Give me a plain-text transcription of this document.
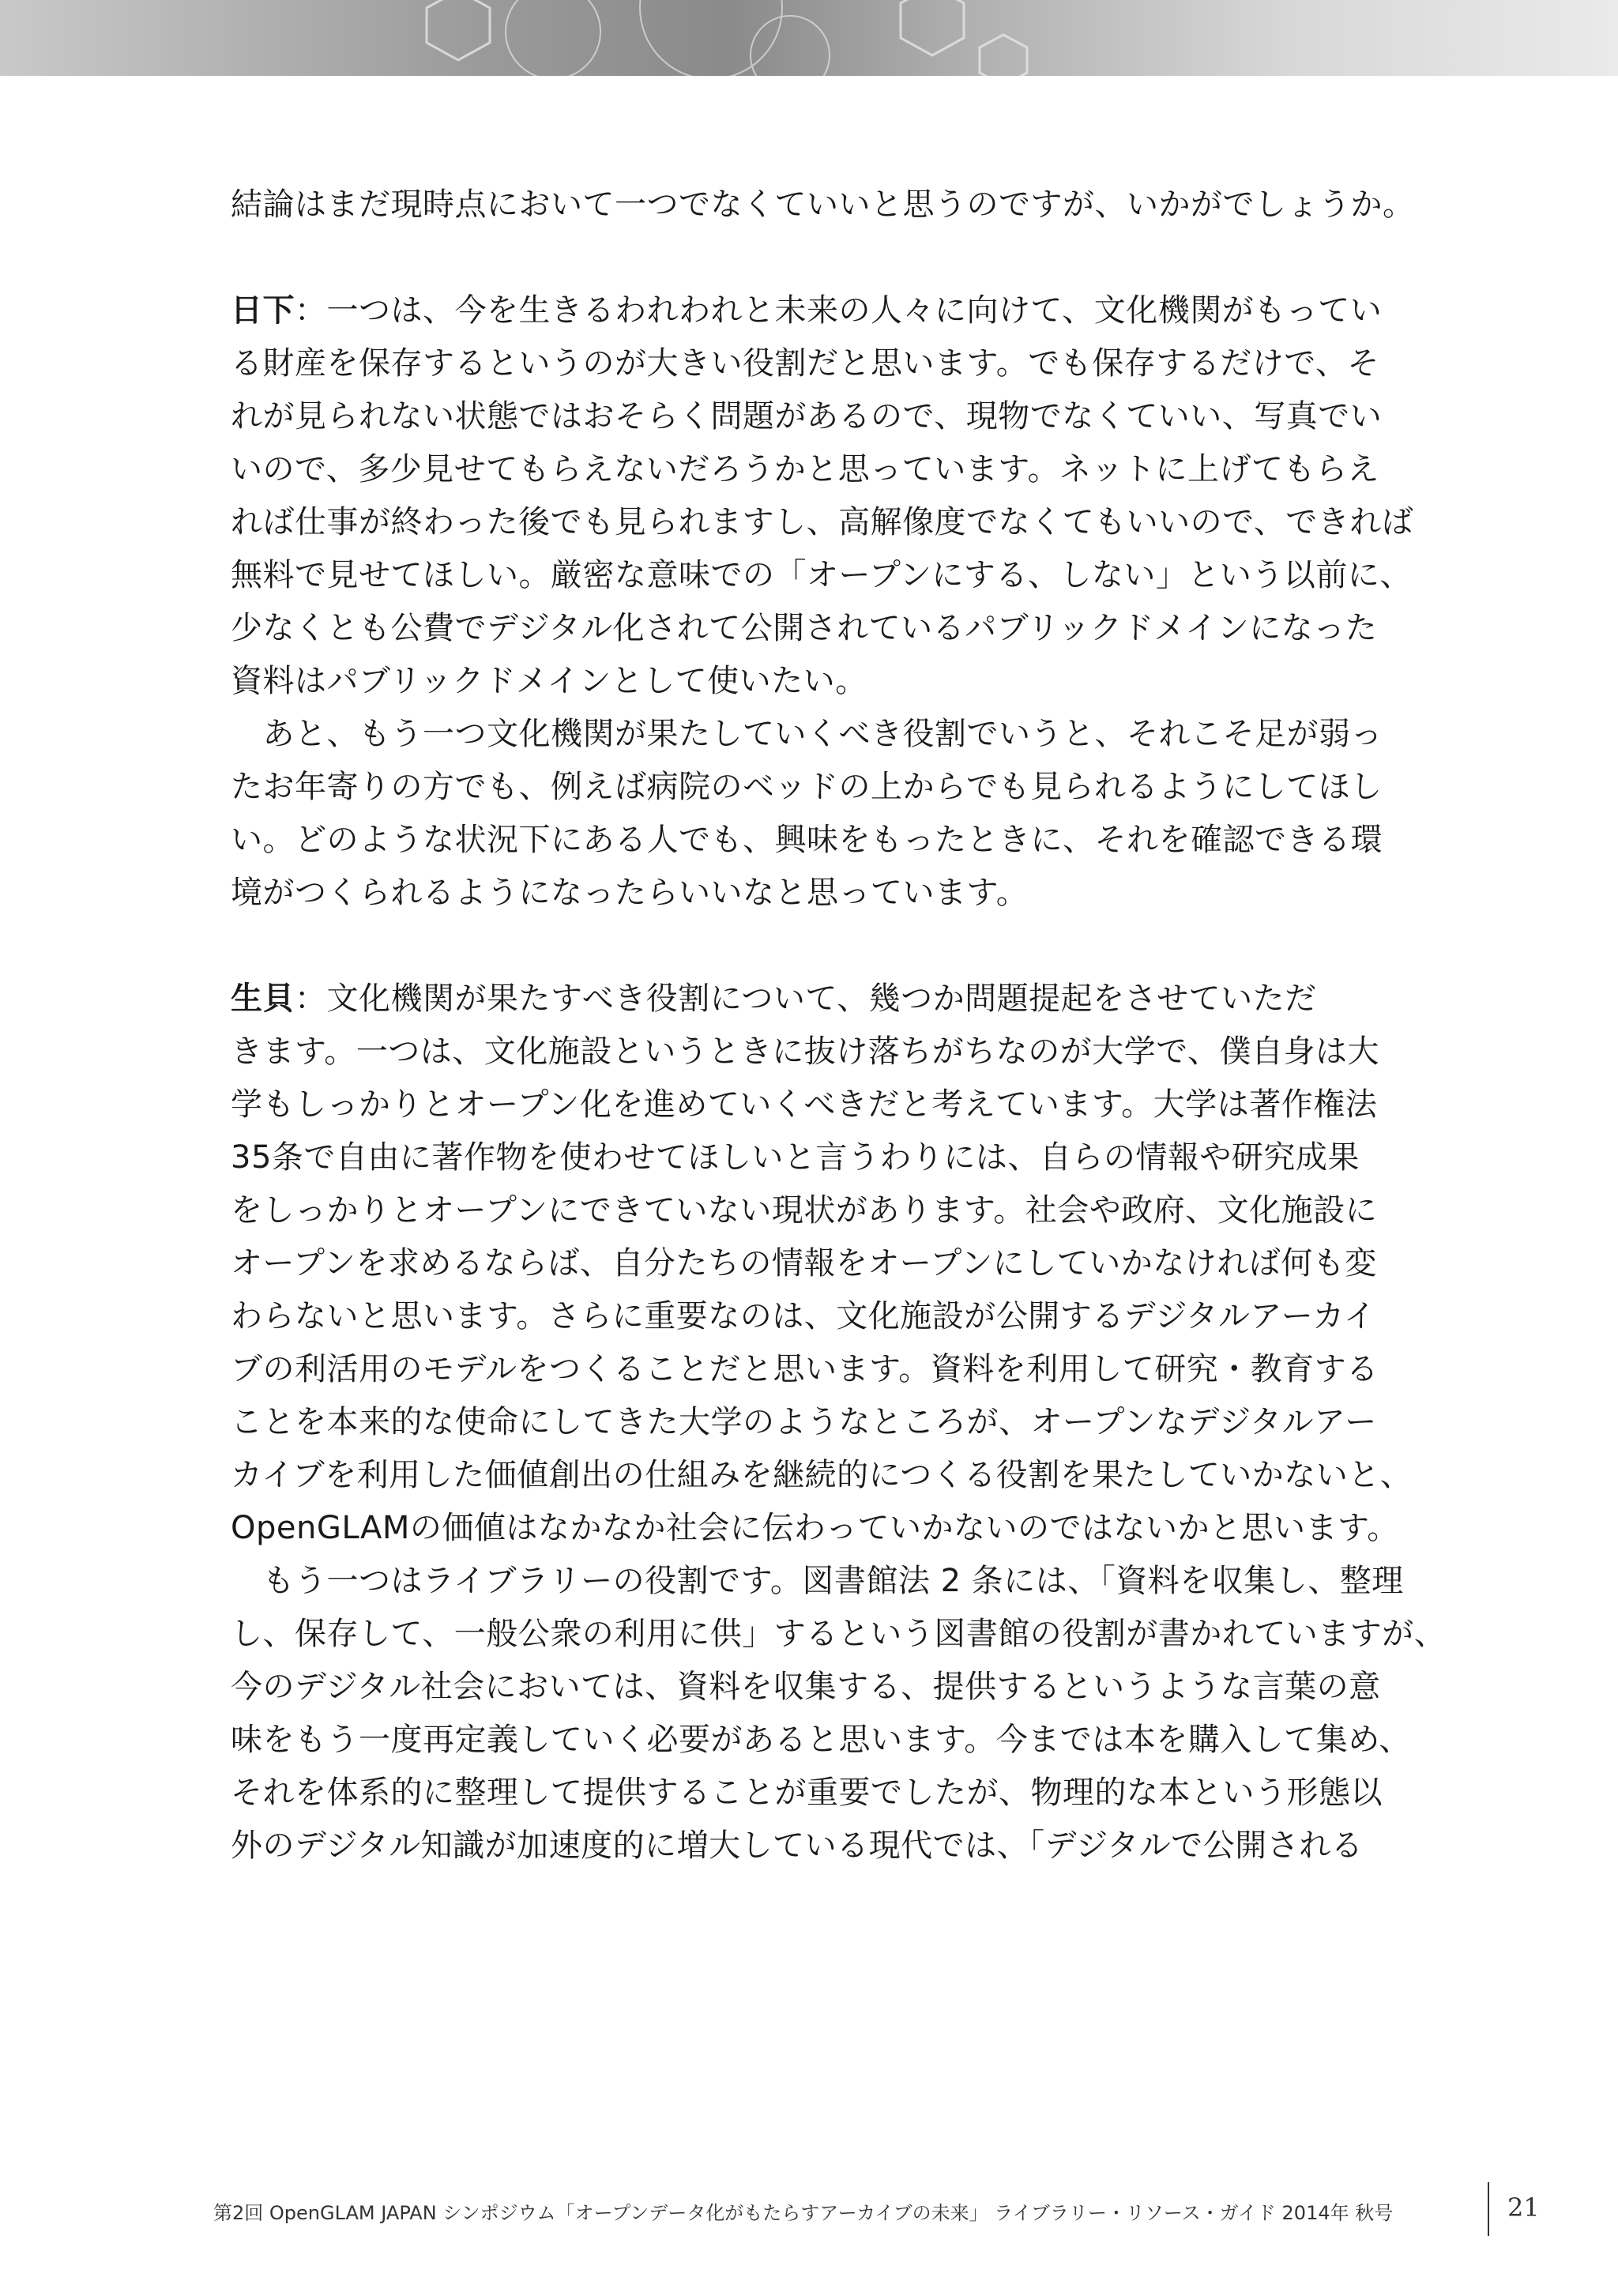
結論はまだ現時点において一つでなくていいと思うのですが、いかがでしょうか。

日下：一つは、今を生きるわれわれと未来の人々に向けて、文化機関がもってい
る財産を保存するというのが大きい役割だと思います。でも保存するだけで、そ
れが見られない状態ではおそらく問題があるので、現物でなくていい、写真でい
いので、多少見せてもらえないだろうかと思っています。ネットに上げてもらえ
れば仕事が終わった後でも見られますし、高解像度でなくてもいいので、できれば
無料で見せてほしい。厳密な意味での「オープンにする、しない」という以前に、
少なくとも公費でデジタル化されて公開されているパブリックドメインになった
資料はパブリックドメインとして使いたい。
　あと、もう一つ文化機関が果たしていくべき役割でいうと、それこそ足が弱っ
たお年寄りの方でも、例えば病院のベッドの上からでも見られるようにしてほし
い。どのような状況下にある人でも、興味をもったときに、それを確認できる環
境がつくられるようになったらいいなと思っています。

生貝：文化機関が果たすべき役割について、幾つか問題提起をさせていただ
きます。一つは、文化施設というときに抜け落ちがちなのが大学で、僕自身は大
学もしっかりとオープン化を進めていくべきだと考えています。大学は著作権法
35条で自由に著作物を使わせてほしいと言うわりには、自らの情報や研究成果
をしっかりとオープンにできていない現状があります。社会や政府、文化施設に
オープンを求めるならば、自分たちの情報をオープンにしていかなければ何も変
わらないと思います。さらに重要なのは、文化施設が公開するデジタルアーカイ
ブの利活用のモデルをつくることだと思います。資料を利用して研究・教育する
ことを本来的な使命にしてきた大学のようなところが、オープンなデジタルアー
カイブを利用した価値創出の仕組みを継続的につくる役割を果たしていかないと、
OpenGLAMの価値はなかなか社会に伝わっていかないのではないかと思います。
　もう一つはライブラリーの役割です。図書館法 2 条には、「資料を収集し、整理
し、保存して、一般公衆の利用に供」するという図書館の役割が書かれていますが、
今のデジタル社会においては、資料を収集する、提供するというような言葉の意
味をもう一度再定義していく必要があると思います。今までは本を購入して集め、
それを体系的に整理して提供することが重要でしたが、物理的な本という形態以
外のデジタル知識が加速度的に増大している現代では、「デジタルで公開される

第2回 OpenGLAM JAPAN シンポジウム「オープンデータ化がもたらすアーカイブの未来」 ライブラリー・リソース・ガイド 2014年 秋号	21
